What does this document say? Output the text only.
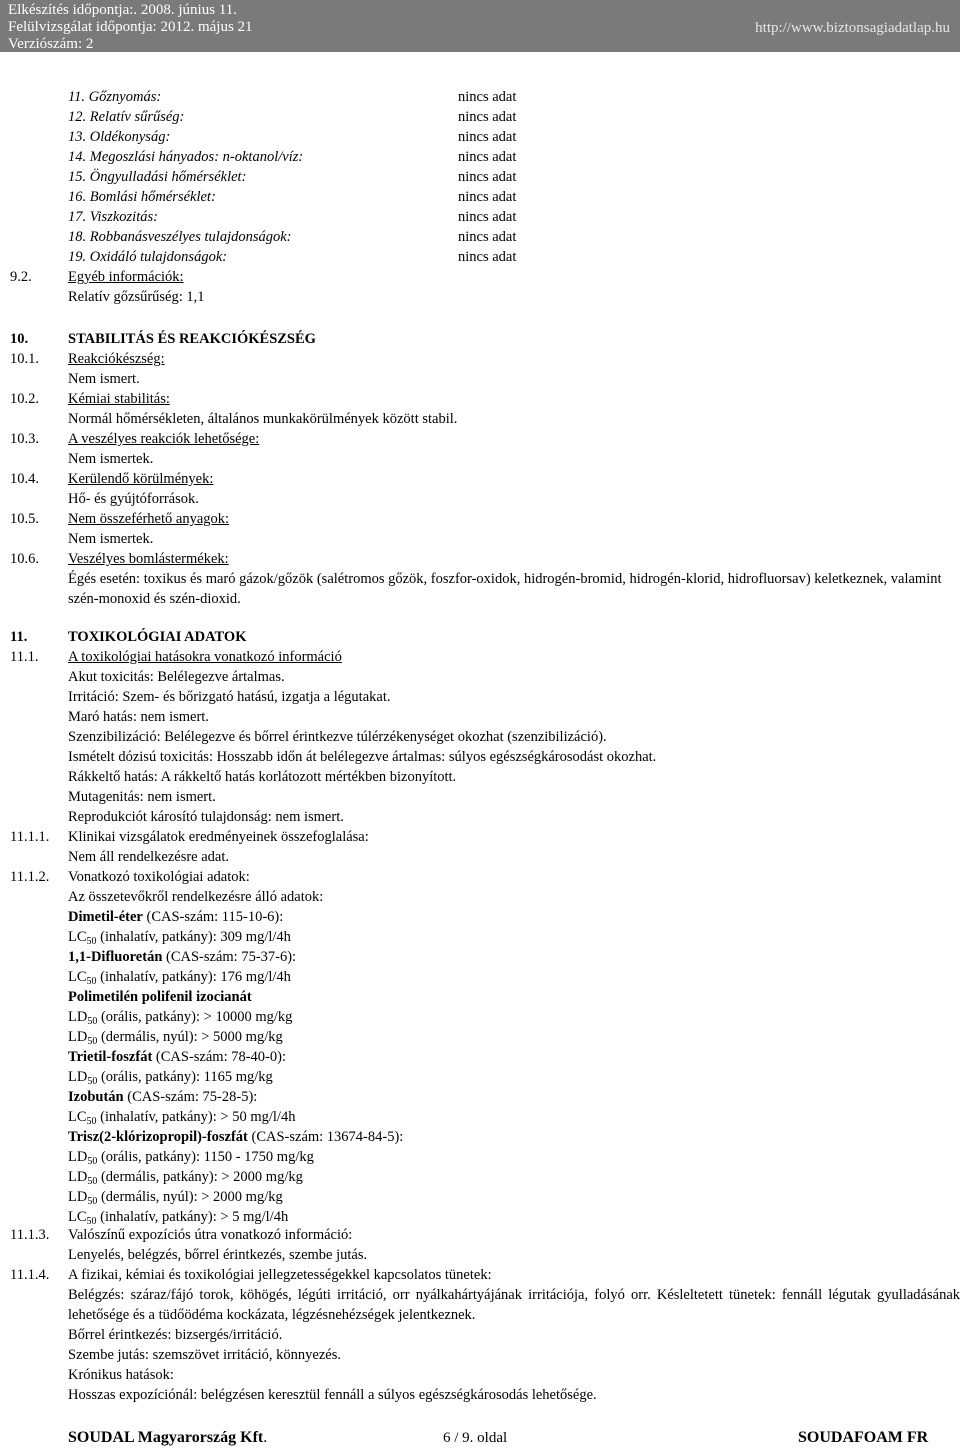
Elkészítés időpontja:. 2008. június 11.
Felülvizsgálat időpontja: 2012. május 21
Verziószám: 2
http://www.biztonsagiadatlap.hu
11. Gőznyomás:	nincs adat
12. Relatív sűrűség:	nincs adat
13. Oldékonyság:	nincs adat
14. Megoszlási hányados: n-oktanol/víz:	nincs adat
15. Öngyulladási hőmérséklet:	nincs adat
16. Bomlási hőmérséklet:	nincs adat
17. Viszkozitás:	nincs adat
18. Robbanásveszélyes tulajdonságok:	nincs adat
19. Oxidáló tulajdonságok:	nincs adat
9.2.	Egyéb információk:
Relatív gőzsűrűség: 1,1
10.	STABILITÁS ÉS REAKCIÓKÉSZSÉG
10.1. Reakciókészség:
Nem ismert.
10.2. Kémiai stabilitás:
Normál hőmérsékleten, általános munkakörülmények között stabil.
10.3. A veszélyes reakciók lehetősége:
Nem ismertek.
10.4. Kerülendő körülmények:
Hő- és gyújtóforrások.
10.5. Nem összeférhető anyagok:
Nem ismertek.
10.6. Veszélyes bomlástermékek:
Égés esetén: toxikus és maró gázok/gőzök (salétromos gőzök, foszfor-oxidok, hidrogén-bromid, hidrogén-klorid, hidrofluorsav) keletkeznek, valamint szén-monoxid és szén-dioxid.
11.	TOXIKOLÓGIAI ADATOK
11.1. A toxikológiai hatásokra vonatkozó információ
Akut toxicitás: Belélegezve ártalmas.
Irritáció: Szem- és bőrizgató hatású, izgatja a légutakat.
Maró hatás: nem ismert.
Szenzibilizáció: Belélegezve és bőrrel érintkezve túlérzékenységet okozhat (szenzibilizáció).
Ismételt dózisú toxicitás: Hosszabb időn át belélegezve ártalmas: súlyos egészségkárosodást okozhat.
Rákkeltő hatás: A rákkeltő hatás korlátozott mértékben bizonyított.
Mutagenitás: nem ismert.
Reprodukciót károsító tulajdonság: nem ismert.
11.1.1. Klinikai vizsgálatok eredményeinek összefoglalása:
Nem áll rendelkezésre adat.
11.1.2. Vonatkozó toxikológiai adatok:
Az összetevőkről rendelkezésre álló adatok:
Dimetil-éter (CAS-szám: 115-10-6):
$LC_{50}$ (inhalatív, patkány): 309 mg/l/4h
1,1-Difluoretán (CAS-szám: 75-37-6):
$LC_{50}$ (inhalatív, patkány): 176 mg/l/4h
Polimetilén polifenil izocianát
$LD_{50}$ (orális, patkány): > 10000 mg/kg
$LD_{50}$ (dermális, nyúl): > 5000 mg/kg
Trietil-foszfát (CAS-szám: 78-40-0):
$LD_{50}$ (orális, patkány): 1165 mg/kg
Izobután (CAS-szám: 75-28-5):
$LC_{50}$ (inhalatív, patkány): > 50 mg/l/4h
Trisz(2-klórizopropil)-foszfát (CAS-szám: 13674-84-5):
$LD_{50}$ (orális, patkány): 1150 - 1750 mg/kg
$LD_{50}$ (dermális, patkány): > 2000 mg/kg
$LD_{50}$ (dermális, nyúl): > 2000 mg/kg
$LC_{50}$ (inhalatív, patkány): > 5 mg/l/4h
11.1.3. Valószínű expozíciós útra vonatkozó információ:
Lenyelés, belégzés, bőrrel érintkezés, szembe jutás.
11.1.4. A fizikai, kémiai és toxikológiai jellegzetességekkel kapcsolatos tünetek:
Belégzés: száraz/fájó torok, köhögés, légúti irritáció, orr nyálkahártyájának irritációja, folyó orr. Késleltetett tünetek: fennáll légutak gyulladásának lehetősége és a tüdőödéma kockázata, légzésnehézségek jelentkeznek.
Bőrrel érintkezés: bizsergés/irritáció.
Szembe jutás: szemszövet irritáció, könnyezés.
Krónikus hatások:
Hosszas expozíciónál: belégzésen keresztül fennáll a súlyos egészségkárosodás lehetősége.
SOUDAL Magyarország Kft.	6 / 9. oldal	SOUDAFOAM FR
